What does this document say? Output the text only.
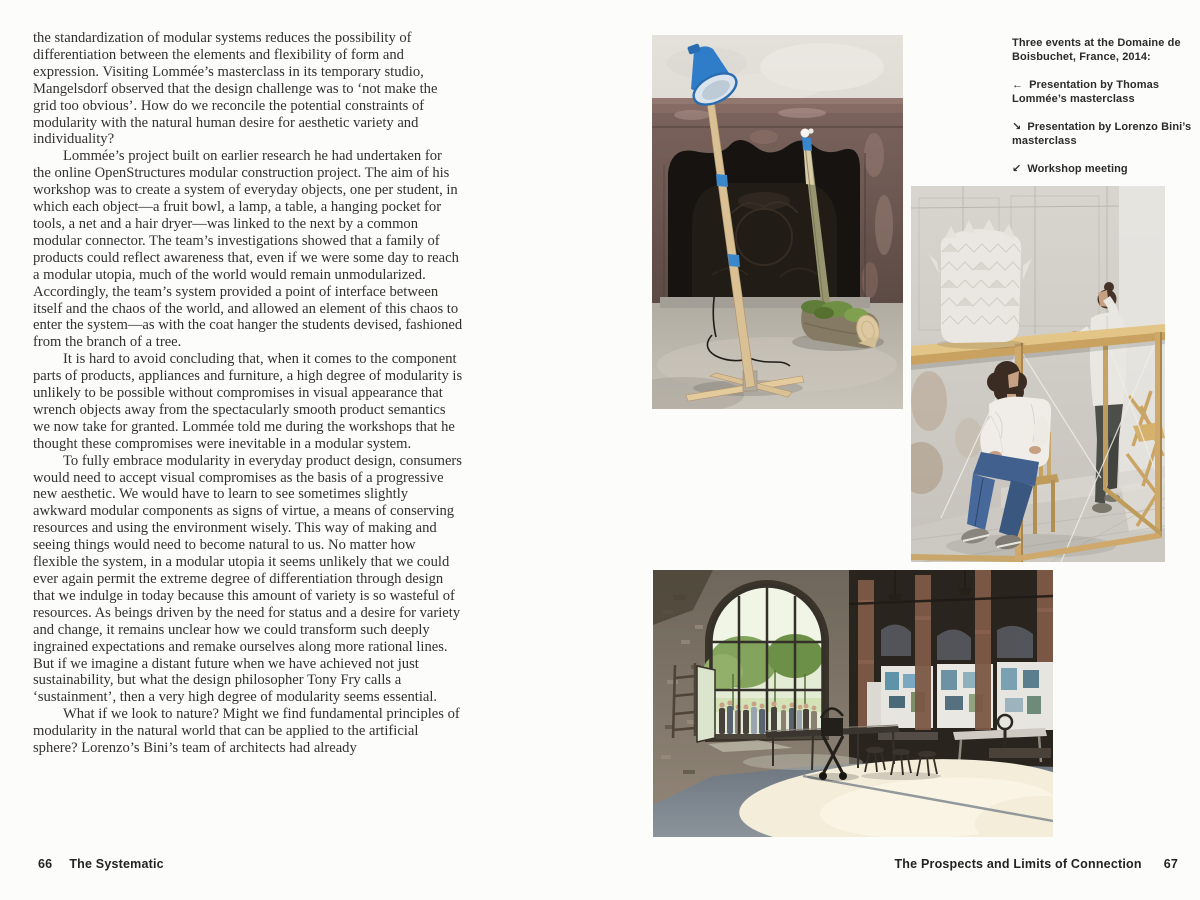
the standardization of modular systems reduces the possibility of differentiation between the elements and flexibility of form and expression. Visiting Lommée’s masterclass in its temporary studio, Mangelsdorf observed that the design challenge was to ‘not make the grid too obvious’. How do we reconcile the potential constraints of modularity with the natural human desire for aesthetic variety and individuality?

Lommée’s project built on earlier research he had undertaken for the online OpenStructures modular construction project. The aim of his workshop was to create a system of everyday objects, one per student, in which each object—a fruit bowl, a lamp, a table, a hanging pocket for tools, a net and a hair dryer—was linked to the next by a common modular connector. The team’s investigations showed that a family of products could reflect awareness that, even if we were some day to reach a modular utopia, much of the world would remain unmodularized. Accordingly, the team’s system provided a point of interface between itself and the chaos of the world, and allowed an element of this chaos to enter the system—as with the coat hanger the students devised, fashioned from the branch of a tree.

It is hard to avoid concluding that, when it comes to the component parts of products, appliances and furniture, a high degree of modularity is unlikely to be possible without compromises in visual appearance that wrench objects away from the spectacularly smooth product semantics we now take for granted. Lommée told me during the workshops that he thought these compromises were inevitable in a modular system.

To fully embrace modularity in everyday product design, consumers would need to accept visual compromises as the basis of a progressive new aesthetic. We would have to learn to see sometimes slightly awkward modular components as signs of virtue, a means of conserving resources and using the environment wisely. This way of making and seeing things would need to become natural to us. No matter how flexible the system, in a modular utopia it seems unlikely that we could ever again permit the extreme degree of differentiation through design that we indulge in today because this amount of variety is so wasteful of resources. As beings driven by the need for status and a desire for variety and change, it remains unclear how we could transform such deeply ingrained expectations and remake ourselves along more rational lines. But if we imagine a distant future when we have achieved not just sustainability, but what the design philosopher Tony Fry calls a ‘sustainment’, then a very high degree of modularity seems essential.

What if we look to nature? Might we find fundamental principles of modularity in the natural world that can be applied to the artificial sphere? Lorenzo’s Bini’s team of architects had already

66 The Systematic

Three events at the Domaine de Boisbuchet, France, 2014:

← Presentation by Thomas Lommée’s masterclass

↘ Presentation by Lorenzo Bini’s masterclass

↙ Workshop meeting

The Prospects and Limits of Connection 67
